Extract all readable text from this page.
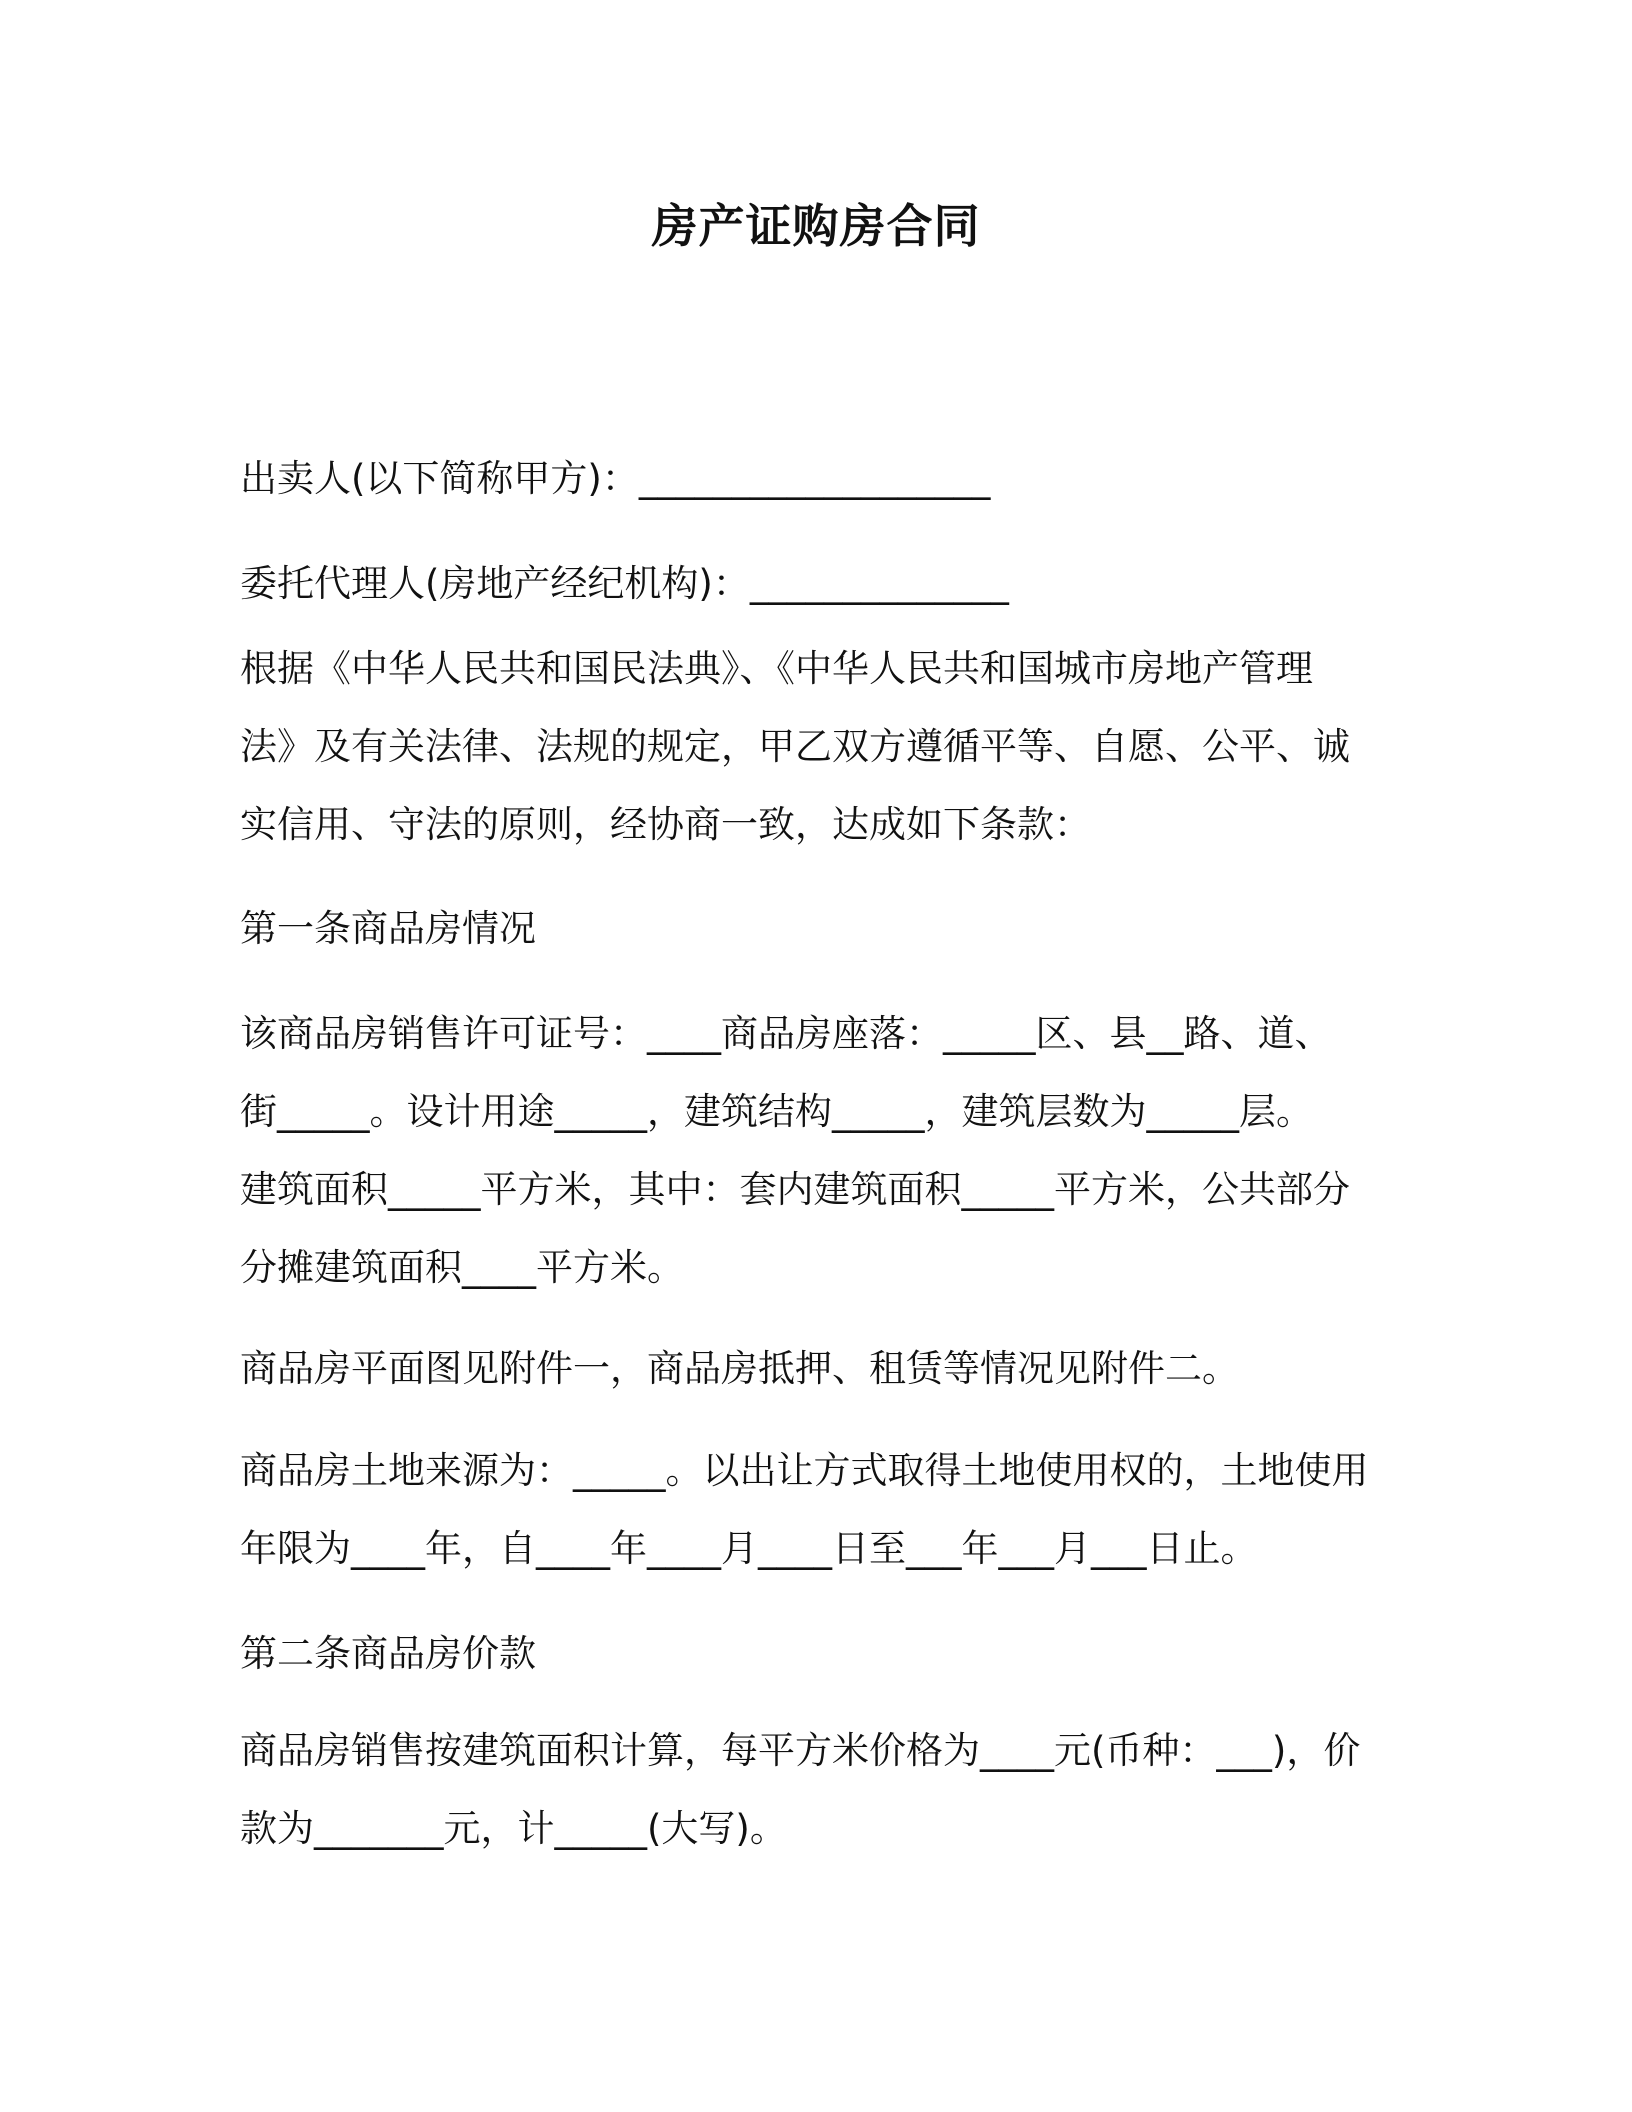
房产证购房合同

出卖人(以下简称甲方)：___________________

委托代理人(房地产经纪机构)：______________

根据《中华人民共和国民法典》、《中华人民共和国城市房地产管理
法》及有关法律、法规的规定，甲乙双方遵循平等、自愿、公平、诚
实信用、守法的原则，经协商一致，达成如下条款：

第一条商品房情况

该商品房销售许可证号：____商品房座落：_____区、县__路、道、
街_____。设计用途_____，建筑结构_____，建筑层数为_____层。
建筑面积_____平方米，其中：套内建筑面积_____平方米，公共部分
分摊建筑面积____平方米。

商品房平面图见附件一，商品房抵押、租赁等情况见附件二。

商品房土地来源为：_____。以出让方式取得土地使用权的，土地使用
年限为____年，自____年____月____日至___年___月___日止。

第二条商品房价款

商品房销售按建筑面积计算，每平方米价格为____元(币种：___)，价
款为_______元，计_____(大写)。
